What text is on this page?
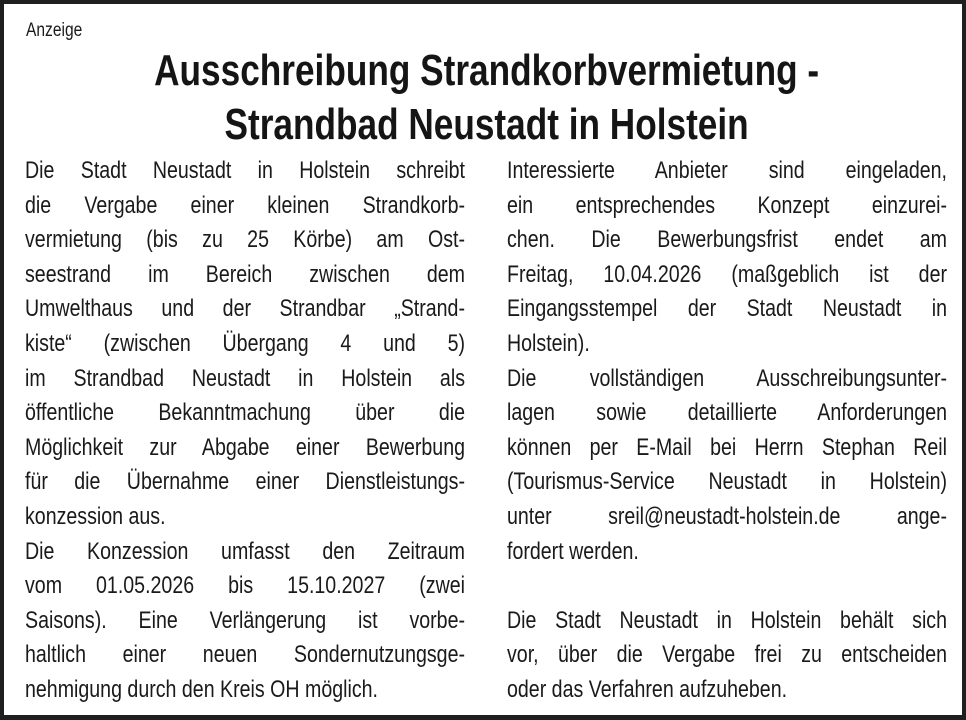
Anzeige
Ausschreibung Strandkorbvermietung -
Strandbad Neustadt in Holstein
Die Stadt Neustadt in Holstein schreibt
die Vergabe einer kleinen Strandkorb-
vermietung (bis zu 25 Körbe) am Ost-
seestrand im Bereich zwischen dem
Umwelthaus und der Strandbar „Strand-
kiste“ (zwischen Übergang 4 und 5)
im Strandbad Neustadt in Holstein als
öffentliche Bekanntmachung über die
Möglichkeit zur Abgabe einer Bewerbung
für die Übernahme einer Dienstleistungs-
konzession aus.
Die Konzession umfasst den Zeitraum
vom 01.05.2026 bis 15.10.2027 (zwei
Saisons). Eine Verlängerung ist vorbe-
haltlich einer neuen Sondernutzungsge-
nehmigung durch den Kreis OH möglich.
Interessierte Anbieter sind eingeladen,
ein entsprechendes Konzept einzurei-
chen. Die Bewerbungsfrist endet am
Freitag, 10.04.2026 (maßgeblich ist der
Eingangsstempel der Stadt Neustadt in
Holstein).
Die vollständigen Ausschreibungsunter-
lagen sowie detaillierte Anforderungen
können per E-Mail bei Herrn Stephan Reil
(Tourismus-Service Neustadt in Holstein)
unter sreil@neustadt-holstein.de ange-
fordert werden.
Die Stadt Neustadt in Holstein behält sich
vor, über die Vergabe frei zu entscheiden
oder das Verfahren aufzuheben.
